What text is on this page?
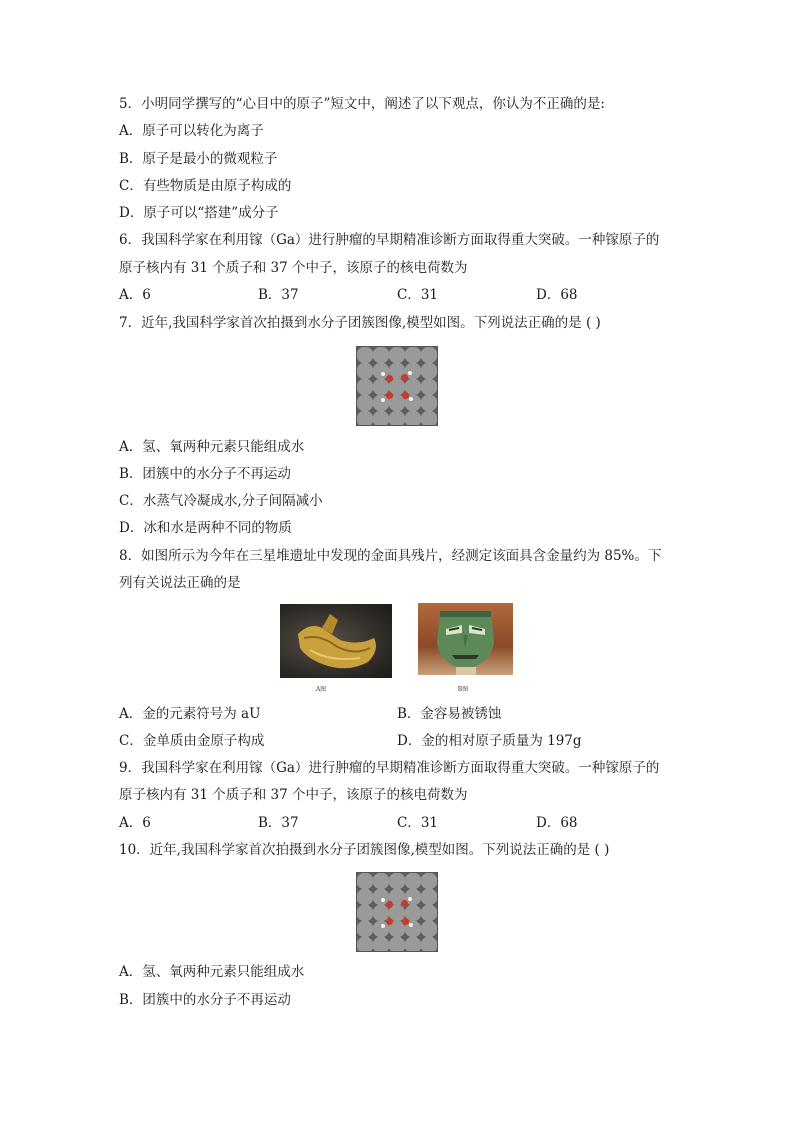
5．小明同学撰写的“心目中的原子”短文中，阐述了以下观点，你认为不正确的是:
A．原子可以转化为离子
B．原子是最小的微观粒子
C．有些物质是由原子构成的
D．原子可以“搭建”成分子
6．我国科学家在利用镓（Ga）进行肿瘤的早期精准诊断方面取得重大突破。一种镓原子的
原子核内有 31 个质子和 37 个中子，该原子的核电荷数为
A．6	B．37	C．31	D．68
7．近年,我国科学家首次拍摄到水分子团簇图像,模型如图。下列说法正确的是 ( )
A．氢、氧两种元素只能组成水
B．团簇中的水分子不再运动
C．水蒸气冷凝成水,分子间隔减小
D．冰和水是两种不同的物质
8．如图所示为今年在三星堆遗址中发现的金面具残片，经测定该面具含金量约为 85%。下
列有关说法正确的是
A图	B图
A．金的元素符号为 aU	B．金容易被锈蚀
C．金单质由金原子构成	D．金的相对原子质量为 197g
9．我国科学家在利用镓（Ga）进行肿瘤的早期精准诊断方面取得重大突破。一种镓原子的
原子核内有 31 个质子和 37 个中子，该原子的核电荷数为
A．6	B．37	C．31	D．68
10．近年,我国科学家首次拍摄到水分子团簇图像,模型如图。下列说法正确的是 ( )
A．氢、氧两种元素只能组成水
B．团簇中的水分子不再运动
